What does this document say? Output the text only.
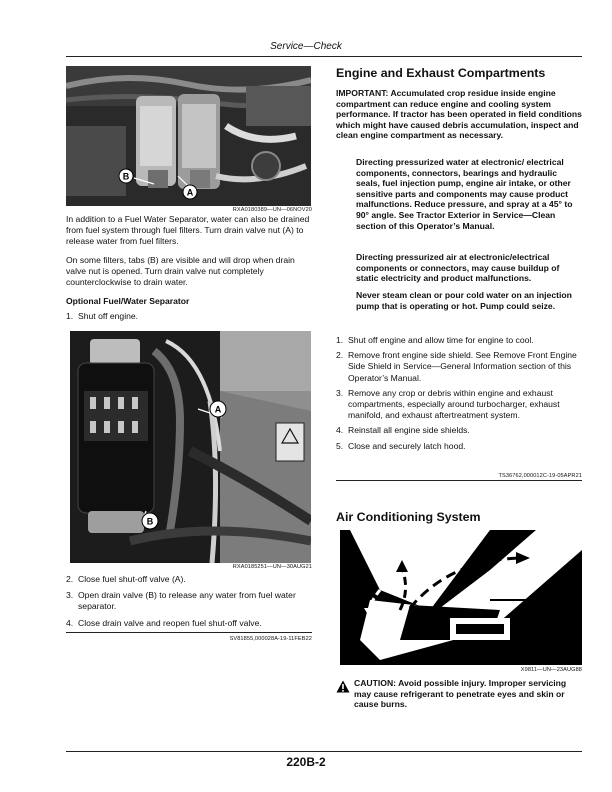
Service—Check
B
A
RXA0180389—UN—06NOV20

In addition to a Fuel Water Separator, water can also be drained from fuel system through fuel filters. Turn drain valve nut (A) to release water from fuel filters.

On some filters, tabs (B) are visible and will drop when drain valve nut is opened. Turn drain valve nut completely counterclockwise to drain water.

Optional Fuel/Water Separator

1. Shut off engine.
A
B
RXA0185251—UN—30AUG21
2. Close fuel shut-off valve (A).
3. Open drain valve (B) to release any water from fuel water separator.
4. Close drain valve and reopen fuel shut-off valve.
SV81855,000028A-19-11FEB22
Engine and Exhaust Compartments
IMPORTANT: Accumulated crop residue inside engine compartment can reduce engine and cooling system performance. If tractor has been operated in field conditions which might have caused debris accumulation, inspect and clean engine compartment as necessary.
Directing pressurized water at electronic/ electrical components, connectors, bearings and hydraulic seals, fuel injection pump, engine air intake, or other sensitive parts and components may cause product malfunctions. Reduce pressure, and spray at a 45° to 90° angle. See Tractor Exterior in Service—Clean section of this Operator’s Manual.
Directing pressurized air at electronic/electrical components or connectors, may cause buildup of static electricity and product malfunctions.
Never steam clean or pour cold water on an injection pump that is operating or hot. Pump could seize.
1. Shut off engine and allow time for engine to cool.
2. Remove front engine side shield. See Remove Front Engine Side Shield in Service—General Information section of this Operator’s Manual.
3. Remove any crop or debris within engine and exhaust compartments, especially around turbocharger, exhaust manifold, and exhaust aftertreatment system.
4. Reinstall all engine side shields.
5. Close and securely latch hood.
TS36762,000012C-19-05APR21
Air Conditioning System
X9811—UN—23AUG88
CAUTION: Avoid possible injury. Improper servicing may cause refrigerant to penetrate eyes and skin or cause burns.
220B-2
